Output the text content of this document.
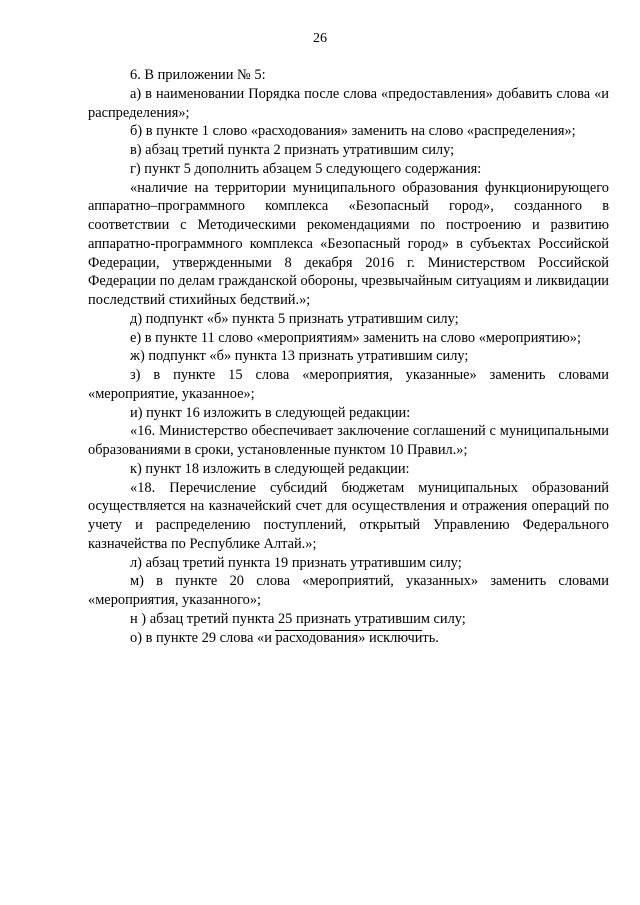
26

6. В приложении № 5:

а) в наименовании Порядка после слова «предоставления» добавить слова «и распределения»;

б) в пункте 1 слово «расходования» заменить на слово «распределения»;

в) абзац третий пункта 2 признать утратившим силу;

г) пункт 5 дополнить абзацем 5 следующего содержания:

«наличие на территории муниципального образования функционирующего аппаратно–программного комплекса «Безопасный город», созданного в соответствии с Методическими рекомендациями по построению и развитию аппаратно-программного комплекса «Безопасный город» в субъектах Российской Федерации, утвержденными 8 декабря 2016 г. Министерством Российской Федерации по делам гражданской обороны, чрезвычайным ситуациям и ликвидации последствий стихийных бедствий.»;

д) подпункт «б» пункта 5 признать утратившим силу;

е) в пункте 11 слово «мероприятиям» заменить на слово «мероприятию»;

ж) подпункт «б» пункта 13 признать утратившим силу;

з) в пункте 15 слова «мероприятия, указанные» заменить словами «мероприятие, указанное»;

и) пункт 16 изложить в следующей редакции:

«16. Министерство обеспечивает заключение соглашений с муниципальными образованиями в сроки, установленные пунктом 10 Правил.»;

к) пункт 18 изложить в следующей редакции:

«18. Перечисление субсидий бюджетам муниципальных образований осуществляется на казначейский счет для осуществления и отражения операций по учету и распределению поступлений, открытый Управлению Федерального казначейства по Республике Алтай.»;

л) абзац третий пункта 19 признать утратившим силу;

м) в пункте 20 слова «мероприятий, указанных» заменить словами «мероприятия, указанного»;

н ) абзац третий пункта 25 признать утратившим силу;

о) в пункте 29 слова «и расходования» исключить.
